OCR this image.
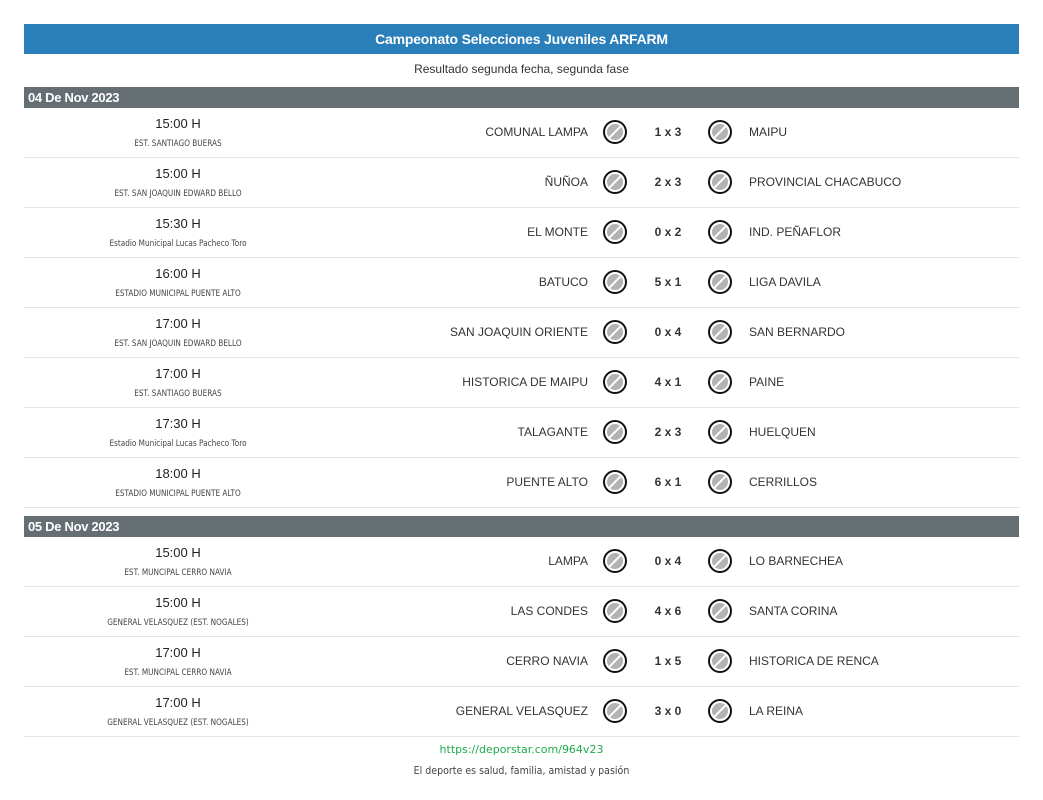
Campeonato Selecciones Juveniles ARFARM
Resultado segunda fecha, segunda fase
04 De Nov 2023
15:00 H
EST. SANTIAGO BUERAS
COMUNAL LAMPA	1 x 3	MAIPU
15:00 H
EST. SAN JOAQUIN EDWARD BELLO
ÑUÑOA	2 x 3	PROVINCIAL CHACABUCO
15:30 H
Estadio Municipal Lucas Pacheco Toro
EL MONTE	0 x 2	IND. PEÑAFLOR
16:00 H
ESTADIO MUNICIPAL PUENTE ALTO
BATUCO	5 x 1	LIGA DAVILA
17:00 H
EST. SAN JOAQUIN EDWARD BELLO
SAN JOAQUIN ORIENTE	0 x 4	SAN BERNARDO
17:00 H
EST. SANTIAGO BUERAS
HISTORICA DE MAIPU	4 x 1	PAINE
17:30 H
Estadio Municipal Lucas Pacheco Toro
TALAGANTE	2 x 3	HUELQUEN
18:00 H
ESTADIO MUNICIPAL PUENTE ALTO
PUENTE ALTO	6 x 1	CERRILLOS
05 De Nov 2023
15:00 H
EST. MUNCIPAL CERRO NAVIA
LAMPA	0 x 4	LO BARNECHEA
15:00 H
GENERAL VELASQUEZ (EST. NOGALES)
LAS CONDES	4 x 6	SANTA CORINA
17:00 H
EST. MUNCIPAL CERRO NAVIA
CERRO NAVIA	1 x 5	HISTORICA DE RENCA
17:00 H
GENERAL VELASQUEZ (EST. NOGALES)
GENERAL VELASQUEZ	3 x 0	LA REINA
https://deporstar.com/964v23
El deporte es salud, familia, amistad y pasión
